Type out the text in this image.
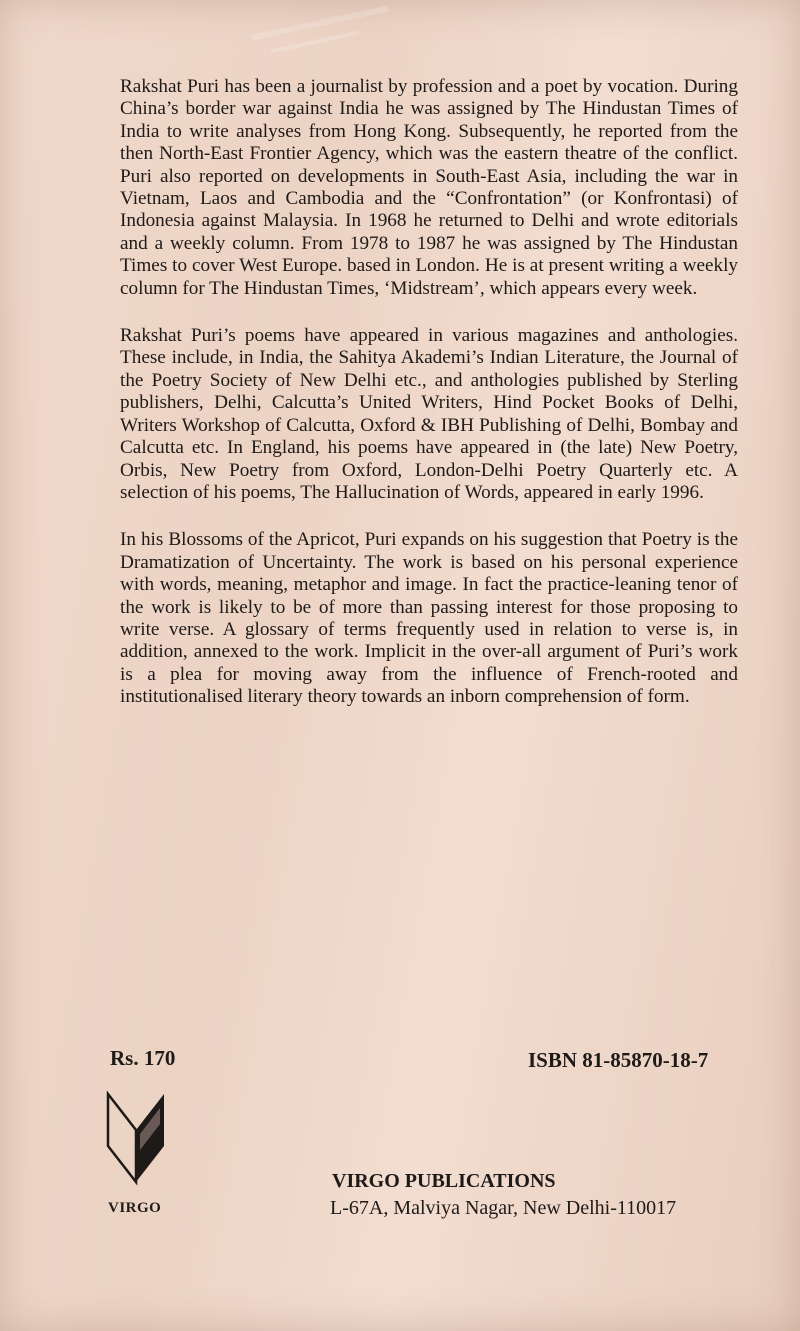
Rakshat Puri has been a journalist by profession and a poet by vocation. During China’s border war against India he was assigned by The Hindustan Times of India to write analyses from Hong Kong. Subsequently, he reported from the then North-East Frontier Agency, which was the eastern theatre of the conflict. Puri also reported on developments in South-East Asia, including the war in Vietnam, Laos and Cambodia and the “Confrontation” (or Konfrontasi) of Indonesia against Malaysia. In 1968 he returned to Delhi and wrote editorials and a weekly column. From 1978 to 1987 he was assigned by The Hindustan Times to cover West Europe. based in London. He is at present writing a weekly column for The Hindustan Times, ‘Midstream’, which appears every week.

Rakshat Puri’s poems have appeared in various magazines and anthologies. These include, in India, the Sahitya Akademi’s Indian Literature, the Journal of the Poetry Society of New Delhi etc., and anthologies published by Sterling publishers, Delhi, Calcutta’s United Writers, Hind Pocket Books of Delhi, Writers Workshop of Calcutta, Oxford & IBH Publishing of Delhi, Bombay and Calcutta etc. In England, his poems have appeared in (the late) New Poetry, Orbis, New Poetry from Oxford, London-Delhi Poetry Quarterly etc. A selection of his poems, The Hallucination of Words, appeared in early 1996.

In his Blossoms of the Apricot, Puri expands on his suggestion that Poetry is the Dramatization of Uncertainty. The work is based on his personal experience with words, meaning, metaphor and image. In fact the practice-leaning tenor of the work is likely to be of more than passing interest for those proposing to write verse. A glossary of terms frequently used in relation to verse is, in addition, annexed to the work. Implicit in the over-all argument of Puri’s work is a plea for moving away from the influence of French-rooted and institutionalised literary theory towards an inborn comprehension of form.

Rs. 170	ISBN 81-85870-18-7
VIRGO
VIRGO PUBLICATIONS
L-67A, Malviya Nagar, New Delhi-110017
